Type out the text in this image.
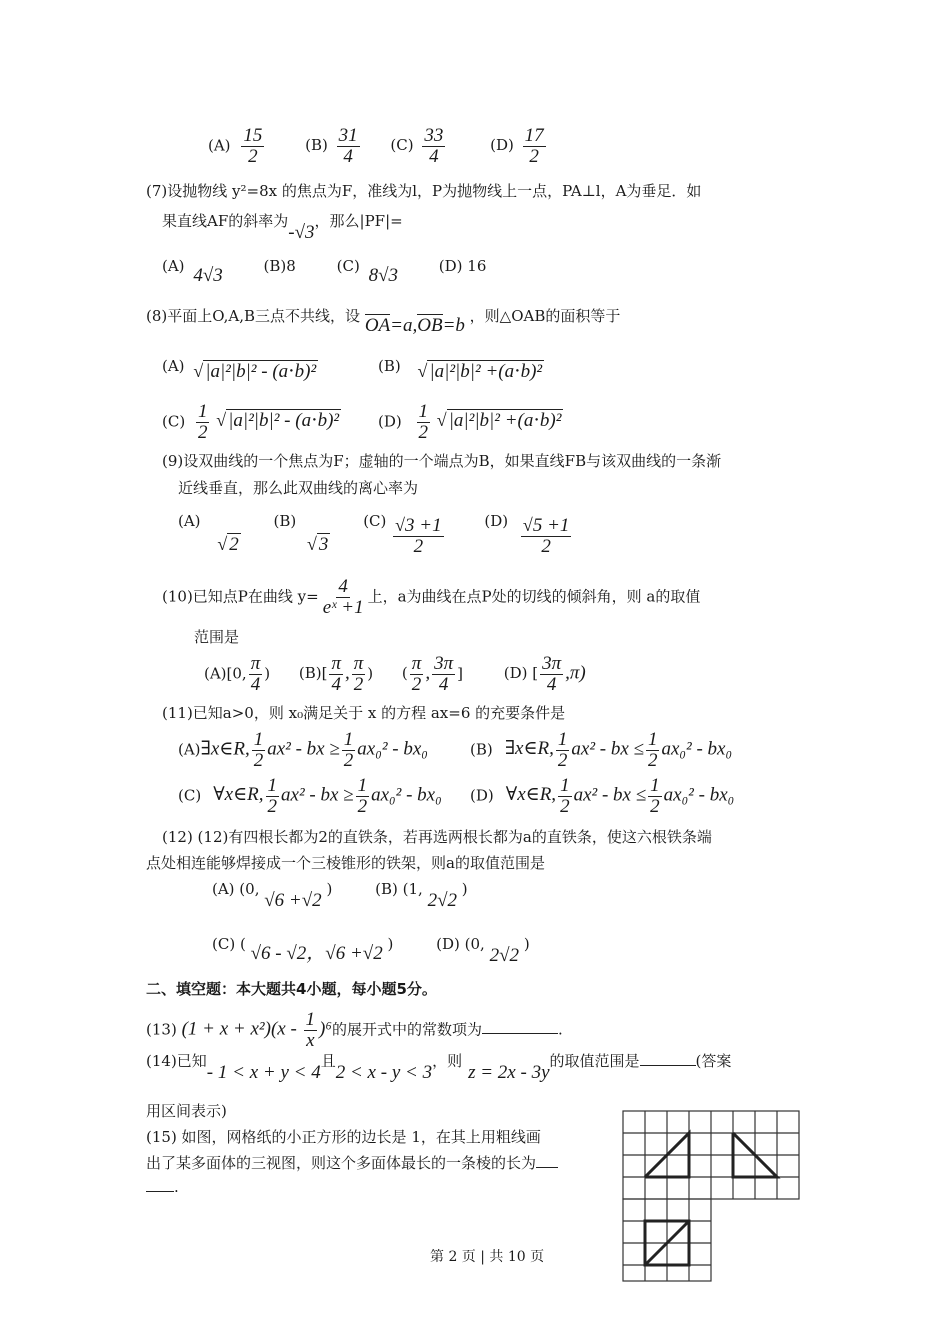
$(A) \frac{15}{2}$	$(B) \frac{31}{4} (C) \frac{33}{4}$	$(D) \frac{17}{2}$
(7)设抛物线 y²=8x 的焦点为F，准线为l，P为抛物线上一点，PA⊥l，A为垂足．如
果直线AF的斜率为-√3，那么|PF|=
(A) 4√3	(B)8	(C) 8√3	(D) 16
(8)平面上O,A,B三点不共线，设 OA=a,OB=b ，则△OAB的面积等于
(A) √ |a|²|b|² - (a⋅b)²	(B) √ |a|²|b|² +(a⋅b)²
$(C) \frac{1}{2}$ √ |a|²|b|² - (a⋅b)²	$(D) \frac{1}{2}$ √ |a|²|b|² +(a⋅b)²
(9)设双曲线的一个焦点为F；虚轴的一个端点为B，如果直线FB与该双曲线的一条渐
近线垂直，那么此双曲线的离心率为
(A) √ 2 (B) √ 3 $(C) \frac{√3 +1}{2}$	$(D) \frac{√5 +1}{2}$
(10)已知点P在曲线 $y= \frac{4}{\text{eˣ +1}}$ 上，a为曲线在点P处的切线的倾斜角，则 a的取值
范围是
(A)[0, $\frac{\pi}{4}$ ) $(B)[ \frac{\pi}{4}$ , $\frac{\pi}{2}$ ) ( $\frac{\pi}{2}$ , $\frac{3\pi}{4}$ ]	(D) [ $\frac{3\pi}{4} ,\pi$)
(11)已知a>0，则 x₀满足关于 x 的方程 ax=6 的充要条件是
(A)∃x∈R, $\frac{1}{2} ax^2$ - bx ≥ $\frac{1}{2} ax_0^2 - bx_0$	(B) ∃x∈R, $\frac{1}{2} ax^2$ - bx ≤ $\frac{1}{2} ax_0^2 - bx_0$
(C) ∀x∈R, $\frac{1}{2} ax^2$ - bx ≥ $\frac{1}{2} ax_0^2 - bx_0$ (D) ∀x∈R, $\frac{1}{2} ax^2$ - bx ≤ $\frac{1}{2} ax_0^2 - bx_0$
(12) (12)有四根长都为2的直铁条，若再选两根长都为a的直铁条，使这六根铁条端
点处相连能够焊接成一个三棱锥形的铁架，则a的取值范围是
(A) (0, √6 +√2 )	(B) (1, 2√2 )
(C) ( √6 - √2，√6 +√2 )	(D) (0, 2√2 )
二、填空题：本大题共4小题，每小题5分。
(13) $(1 + x + x^2)(x - \frac{1}{x} )^6$的展开式中的常数项为	.
(14)已知- 1 < x + y < 4且2 < x - y < 3，则z = 2x - 3y的取值范围是	(答案
用区间表示)
(15) 如图，网格纸的小正方形的边长是 1，在其上用粗线画
出了某多面体的三视图，则这个多面体最长的一条棱的长为
.
第 2 页 | 共 10 页
